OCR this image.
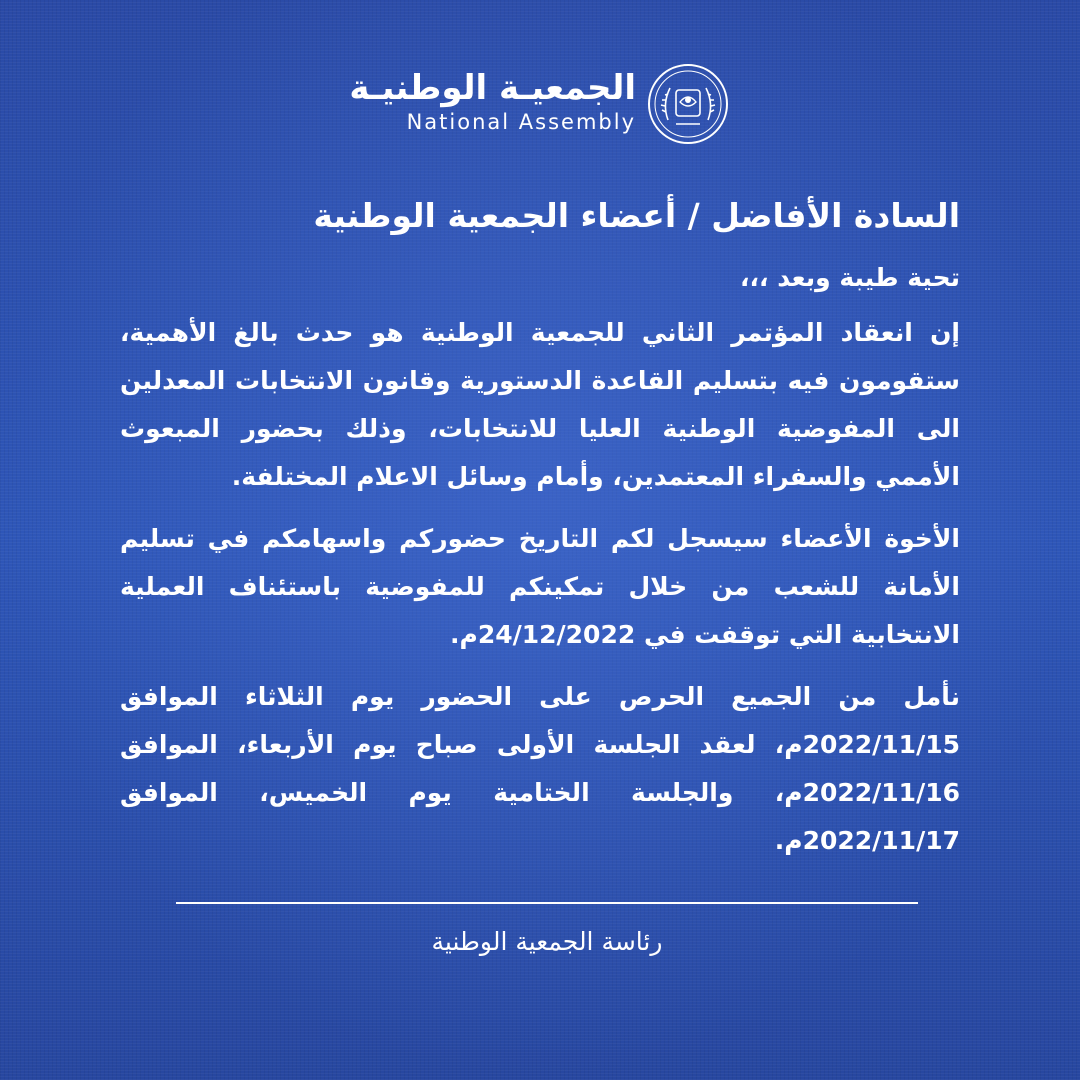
الجمعيـة الوطنيـة
National Assembly
السادة الأفاضل / أعضاء الجمعية الوطنية
تحية طيبة وبعد ،،،

إن انعقاد المؤتمر الثاني للجمعية الوطنية هو حدث بالغ الأهمية، ستقومون فيه بتسليم القاعدة الدستورية وقانون الانتخابات المعدلين الى المفوضية الوطنية العليا للانتخابات، وذلك بحضور المبعوث الأممي والسفراء المعتمدين، وأمام وسائل الاعلام المختلفة.

الأخوة الأعضاء سيسجل لكم التاريخ حضوركم واسهامكم في تسليم الأمانة للشعب من خلال تمكينكم للمفوضية باستئناف العملية الانتخابية التي توقفت في 24/12/2022م.

نأمل من الجميع الحرص على الحضور يوم الثلاثاء الموافق 2022/11/15م، لعقد الجلسة الأولى صباح يوم الأربعاء، الموافق 2022/11/16م، والجلسة الختامية يوم الخميس، الموافق 2022/11/17م.

رئاسة الجمعية الوطنية
